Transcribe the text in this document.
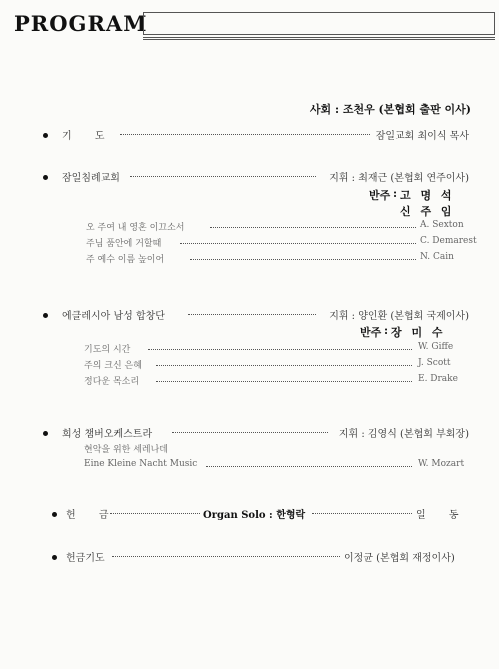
PROGRAM
사회 : 조천우 (본협회 출판 이사)
기 도	잠일교회 최이식 목사
잠일침례교회	지휘 : 최재근 (본협회 연주이사)
반주 : 고 명 석
신 주 임
오 주여 내 영혼 이끄소서	A. Sexton
주님 품안에 거할때	C. Demarest
주 예수 이름 높이어	N. Cain
에클레시아 남성 합창단	지휘 : 양인환 (본협회 국제이사)
반주 : 장 미 수
기도의 시간	W. Giffe
주의 크신 은혜	J. Scott
정다운 목소리	E. Drake
희성 챔버오케스트라	지휘 : 김영식 (본협회 부회장)
현악을 위한 세레나데
Eine Kleine Nacht Music	W. Mozart
헌 금	Organ Solo : 한형락	일 동
헌금기도	이정균 (본협회 재정이사)
